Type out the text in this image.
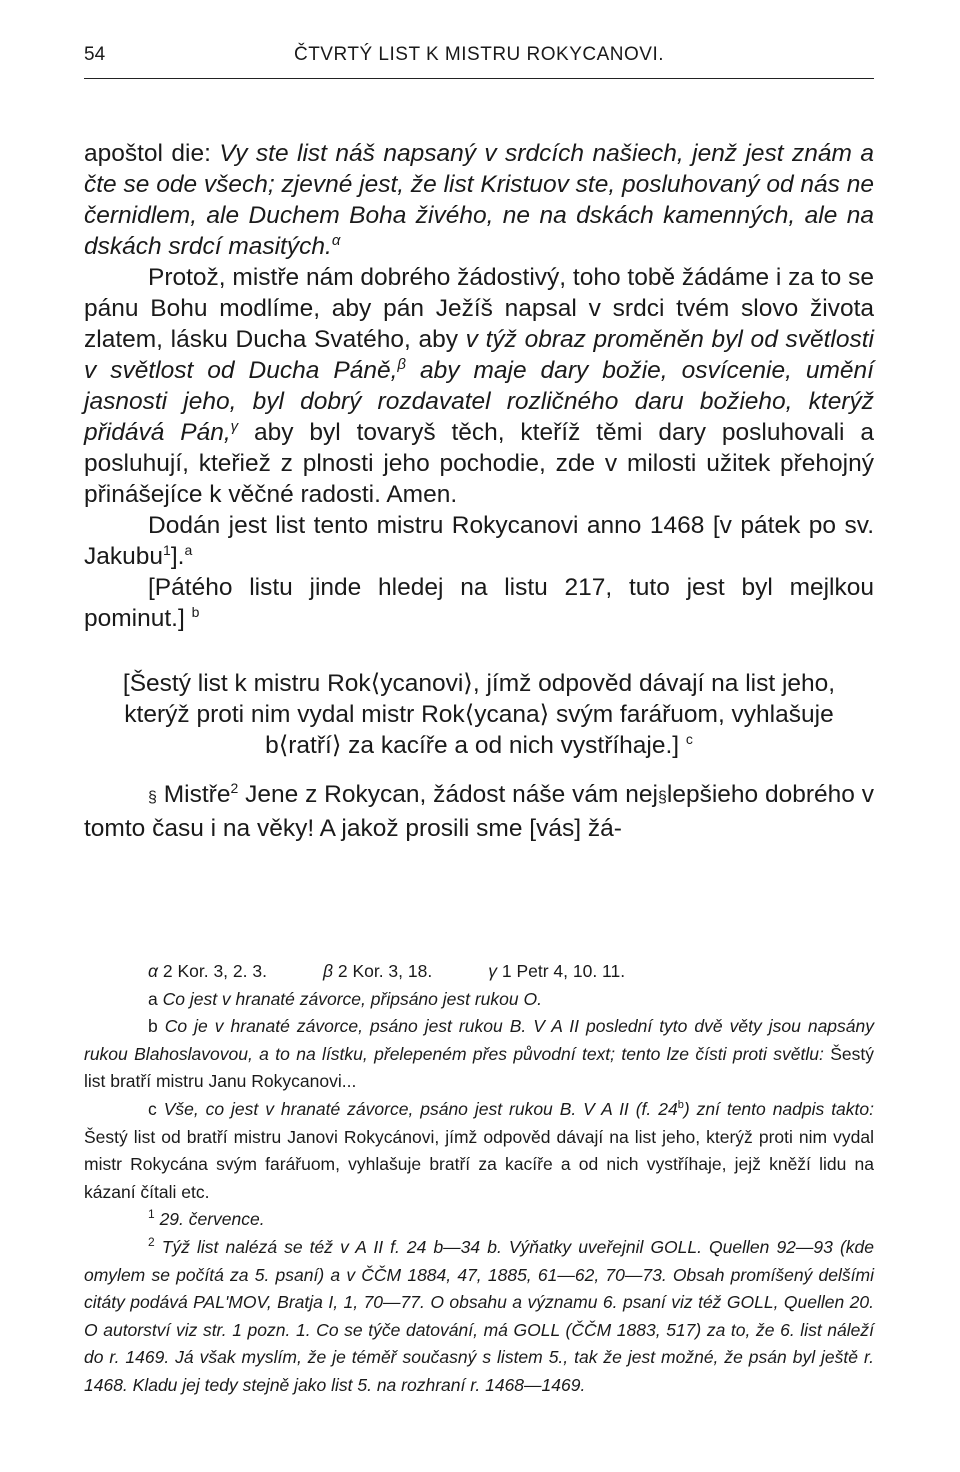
54	ČTVRTÝ LIST K MISTRU ROKYCANOVI.

apoštol die: Vy ste list náš napsaný v srdcích našiech, jenž jest znám a čte se ode všech; zjevné jest, že list Kristuov ste, posluhovaný od nás ne černidlem, ale Duchem Boha živého, ne na dskách kamenných, ale na dskách srdcí masitých.$^\alpha$

Protož, mistře nám dobrého žádostivý, toho tobě žádáme i za to se pánu Bohu modlíme, aby pán Ježíš napsal v srdci tvém slovo života zlatem, lásku Ducha Svatého, aby v týž obraz proměněn byl od světlosti v světlost od Ducha Páně,$^\beta$ aby maje dary božie, osvícenie, umění jasnosti jeho, byl dobrý rozdavatel rozličného daru božieho, kterýž přidává Pán,$^\gamma$ aby byl tovaryš těch, kteříž těmi dary posluhovali a posluhují, kteřiež z plnosti jeho pochodie, zde v milosti užitek přehojný přinášejíce k věčné radosti. Amen.

Dodán jest list tento mistru Rokycanovi anno 1468 [v pátek po sv. Jakubu$^1$].$^a$

[Pátého listu jinde hledej na listu 217, tuto jest byl mejlkou pominut.] $^b$

[Šestý list k mistru Rok⟨ycanovi⟩, jímž odpověd dávají na list jeho, kterýž proti nim vydal mistr Rok⟨ycana⟩ svým farářuom, vyhlašuje b⟨ratří⟩ za kacíře a od nich vystříhaje.] $^c$

§ Mistře$^2$ Jene z Rokycan, žádost náše vám nej§lepšieho dobrého v tomto času i na věky! A jakož prosili sme [vás] žá-

α 2 Kor. 3, 2. 3.	β 2 Kor. 3, 18.	γ 1 Petr 4, 10. 11.

a Co jest v hranaté závorce, připsáno jest rukou O.

b Co je v hranaté závorce, psáno jest rukou B. V A II poslední tyto dvě věty jsou napsány rukou Blahoslavovou, a to na lístku, přelepeném přes původní text; tento lze čísti proti světlu: Šestý list bratří mistru Janu Rokycanovi...

c Vše, co jest v hranaté závorce, psáno jest rukou B. V A II (f. 24$^b$) zní tento nadpis takto: Šestý list od bratří mistru Janovi Rokycánovi, jímž odpověd dávají na list jeho, kterýž proti nim vydal mistr Rokycána svým farářuom, vyhlašuje bratří za kacíře a od nich vystříhaje, jejž kněží lidu na kázaní čítali etc.

$^1$ 29. července.

$^2$ Týž list nalézá se též v A II f. 24 b—34 b. Výňatky uveřejnil GOLL. Quellen 92—93 (kde omylem se počítá za 5. psaní) a v ČČM 1884, 47, 1885, 61—62, 70—73. Obsah promíšený delšími citáty podává PAL'MOV, Bratja I, 1, 70—77. O obsahu a významu 6. psaní viz též GOLL, Quellen 20. O autorství viz str. 1 pozn. 1. Co se týče datování, má GOLL (ČČM 1883, 517) za to, že 6. list náleží do r. 1469. Já však myslím, že je téměř současný s listem 5., tak že jest možné, že psán byl ještě r. 1468. Kladu jej tedy stejně jako list 5. na rozhraní r. 1468—1469.
